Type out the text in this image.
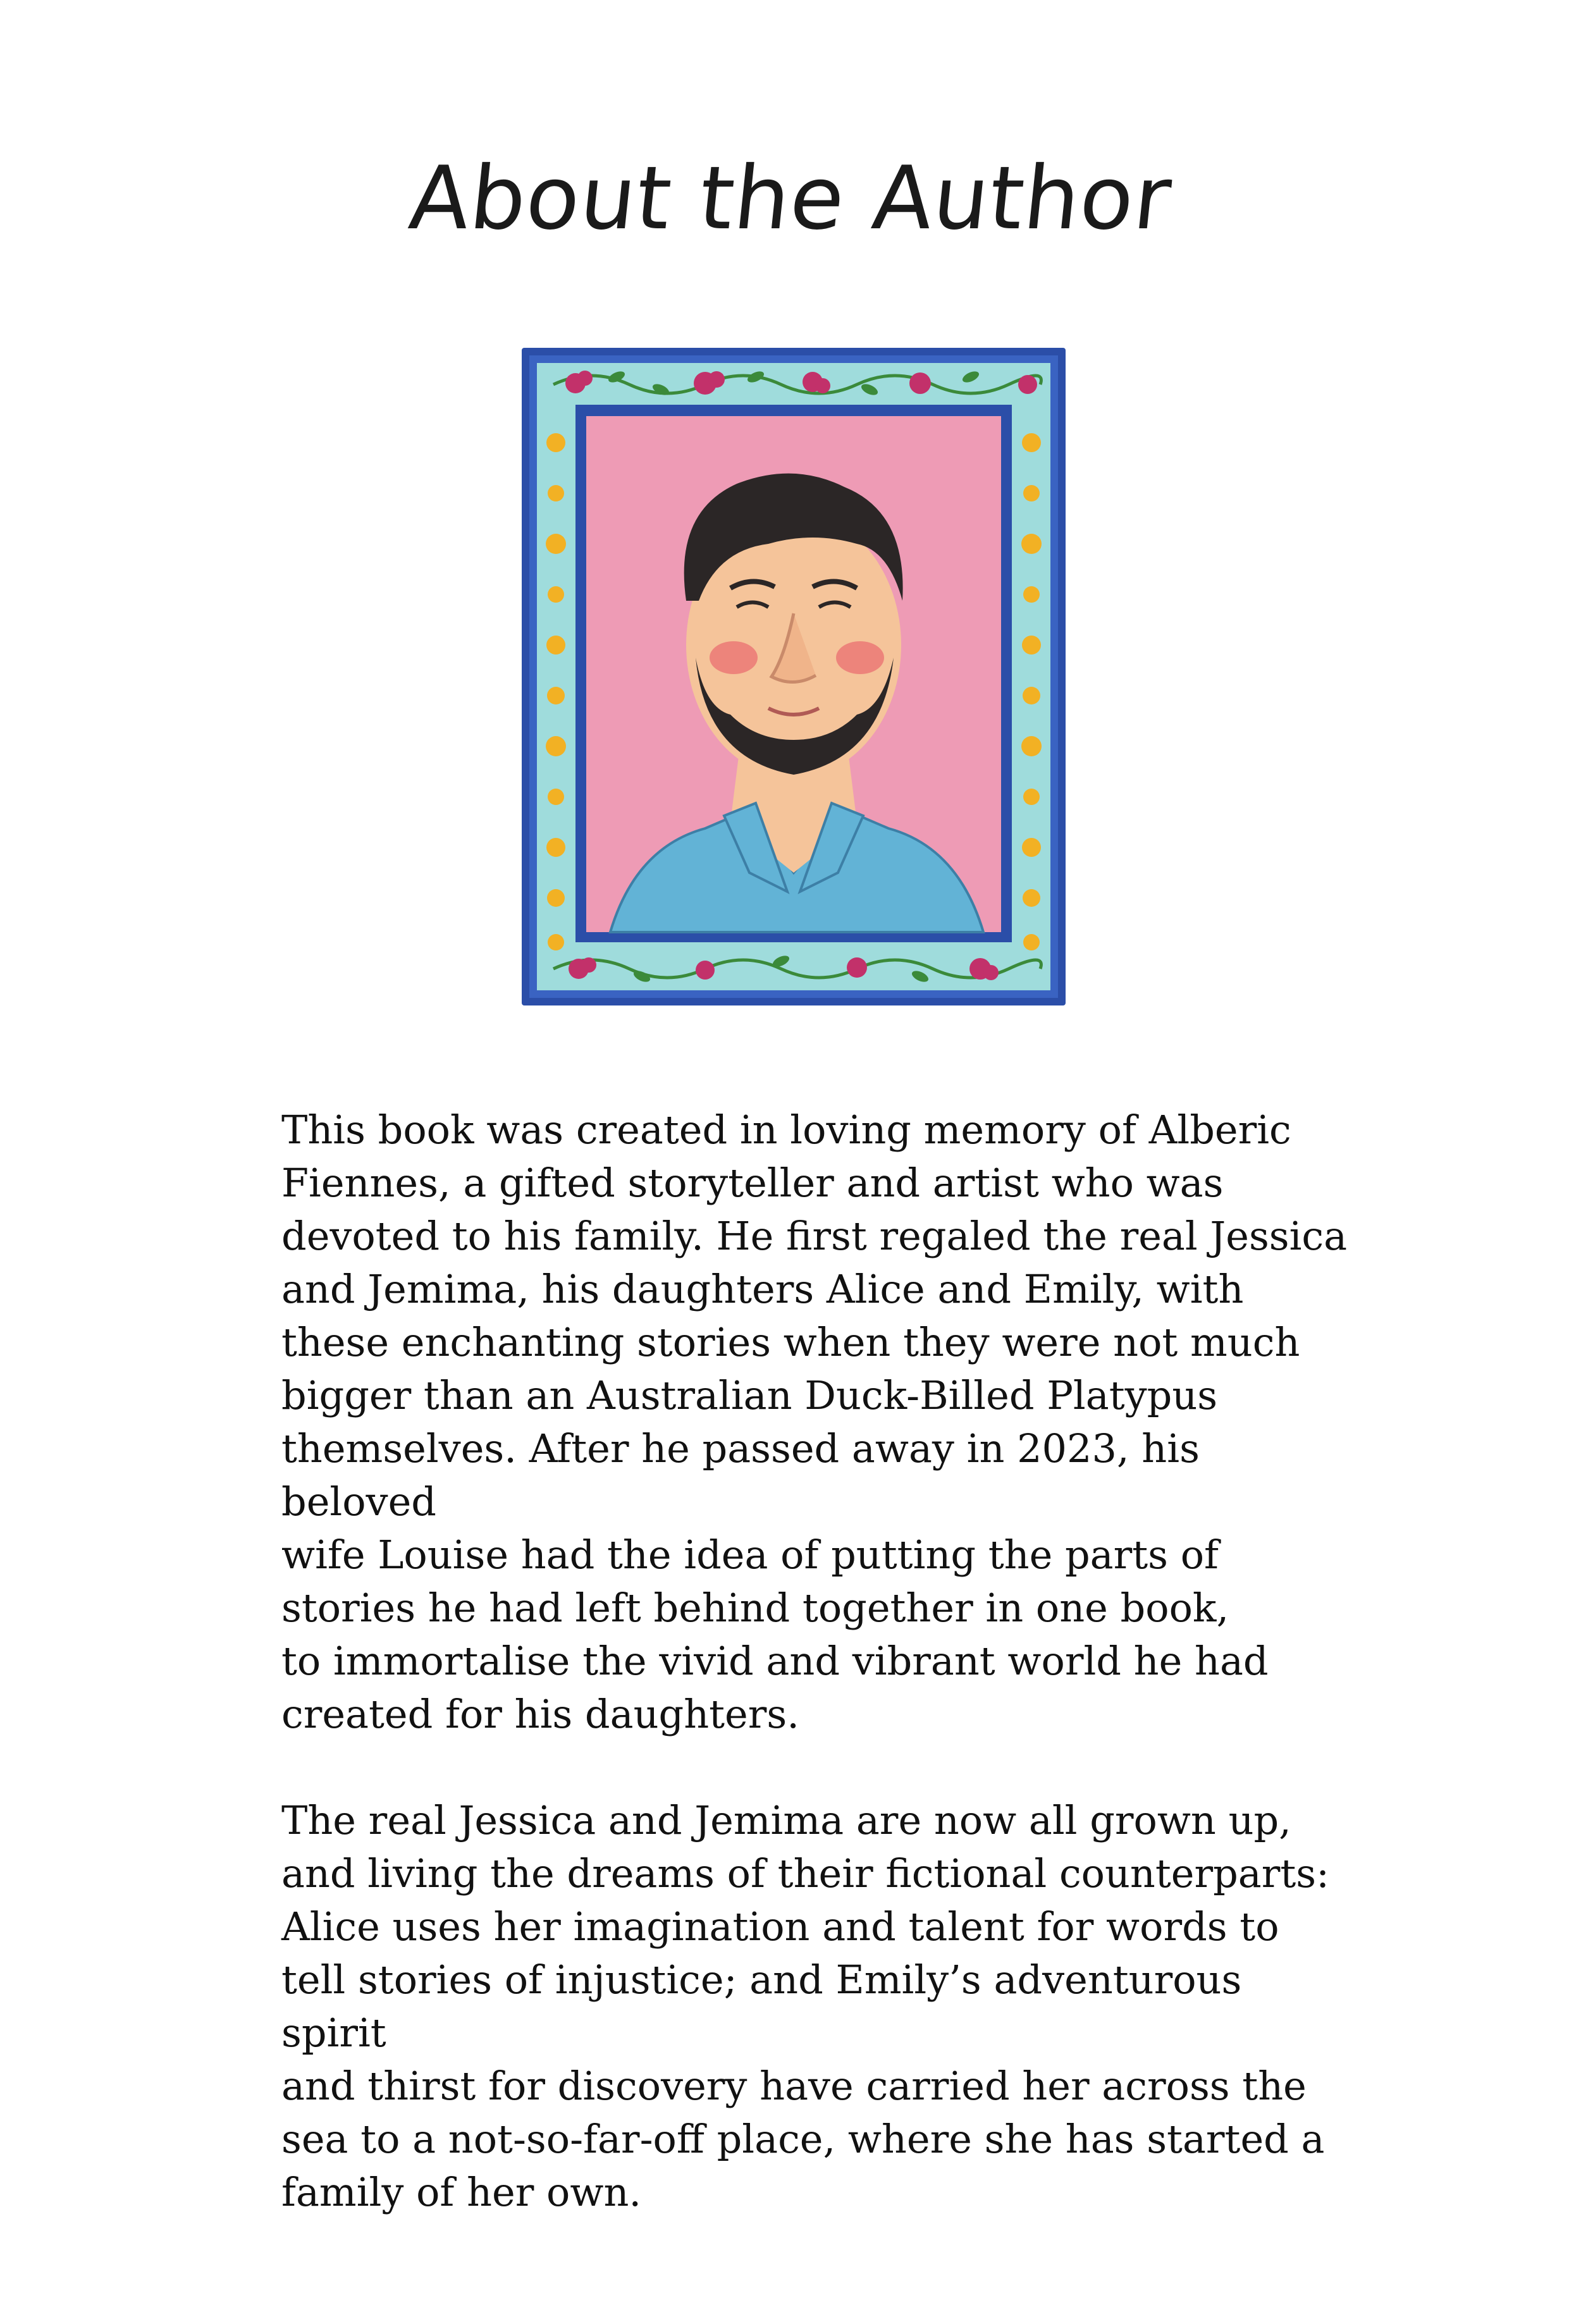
About the Author

This book was created in loving memory of Alberic
Fiennes, a gifted storyteller and artist who was
devoted to his family. He first regaled the real Jessica
and Jemima, his daughters Alice and Emily, with
these enchanting stories when they were not much
bigger than an Australian Duck-Billed Platypus
themselves. After he passed away in 2023, his beloved
wife Louise had the idea of putting the parts of
stories he had left behind together in one book,
to immortalise the vivid and vibrant world he had
created for his daughters.

The real Jessica and Jemima are now all grown up,
and living the dreams of their fictional counterparts:
Alice uses her imagination and talent for words to
tell stories of injustice; and Emily’s adventurous spirit
and thirst for discovery have carried her across the
sea to a not-so-far-off place, where she has started a
family of her own.
